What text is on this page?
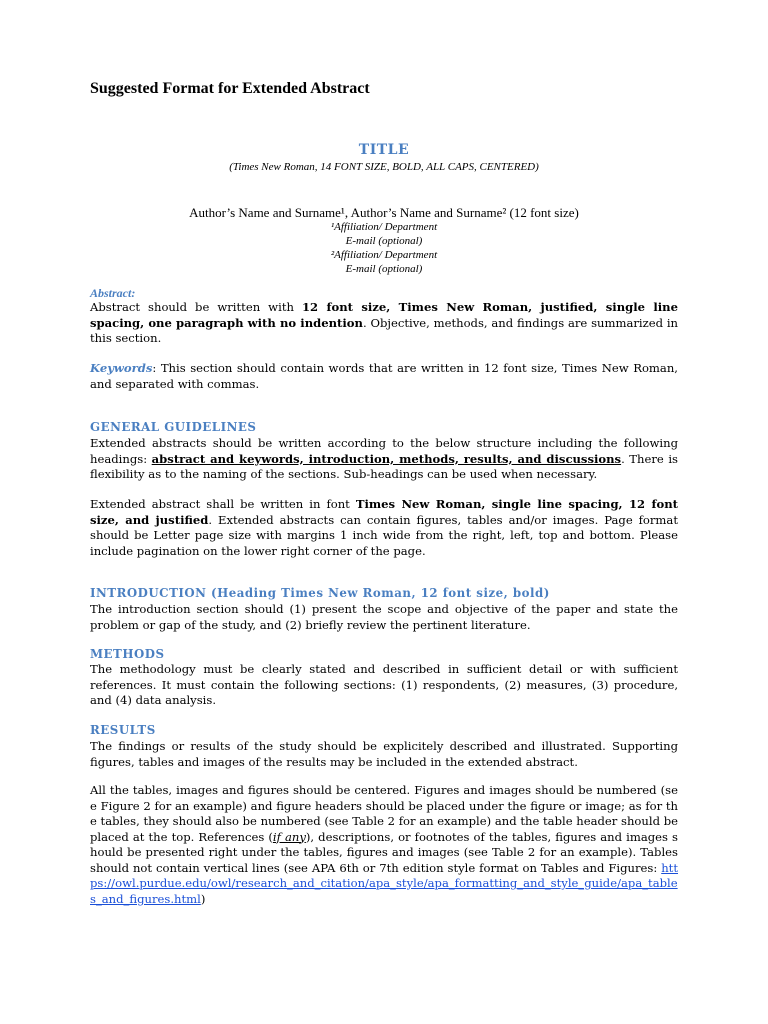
Suggested Format for Extended Abstract
TITLE
(Times New Roman, 14 FONT SIZE, BOLD, ALL CAPS, CENTERED)
Author’s Name and Surname¹, Author’s Name and Surname² (12 font size)
¹Affiliation/ Department
E-mail (optional)
²Affiliation/ Department
E-mail (optional)
Abstract:
Abstract should be written with 12 font size, Times New Roman, justified, single line spacing, one paragraph with no indention. Objective, methods, and findings are summarized in this section.
Keywords: This section should contain words that are written in 12 font size, Times New Roman, and separated with commas.
GENERAL GUIDELINES
Extended abstracts should be written according to the below structure including the following headings: abstract and keywords, introduction, methods, results, and discussions. There is flexibility as to the naming of the sections. Sub-headings can be used when necessary.
Extended abstract shall be written in font Times New Roman, single line spacing, 12 font size, and justified. Extended abstracts can contain figures, tables and/or images. Page format should be Letter page size with margins 1 inch wide from the right, left, top and bottom. Please include pagination on the lower right corner of the page.
INTRODUCTION (Heading Times New Roman, 12 font size, bold)
The introduction section should (1) present the scope and objective of the paper and state the problem or gap of the study, and (2) briefly review the pertinent literature.
METHODS
The methodology must be clearly stated and described in sufficient detail or with sufficient references. It must contain the following sections: (1) respondents, (2) measures, (3) procedure, and (4) data analysis.
RESULTS
The findings or results of the study should be explicitely described and illustrated. Supporting figures, tables and images of the results may be included in the extended abstract.
All the tables, images and figures should be centered. Figures and images should be numbered (see Figure 2 for an example) and figure headers should be placed under the figure or image; as for the tables, they should also be numbered (see Table 2 for an example) and the table header should be placed at the top. References (if any), descriptions, or footnotes of the tables, figures and images should be presented right under the tables, figures and images (see Table 2 for an example). Tables should not contain vertical lines (see APA 6th or 7th edition style format on Tables and Figures: https://owl.purdue.edu/owl/research_and_citation/apa_style/apa_formatting_and_style_guide/apa_tables_and_figures.html)
